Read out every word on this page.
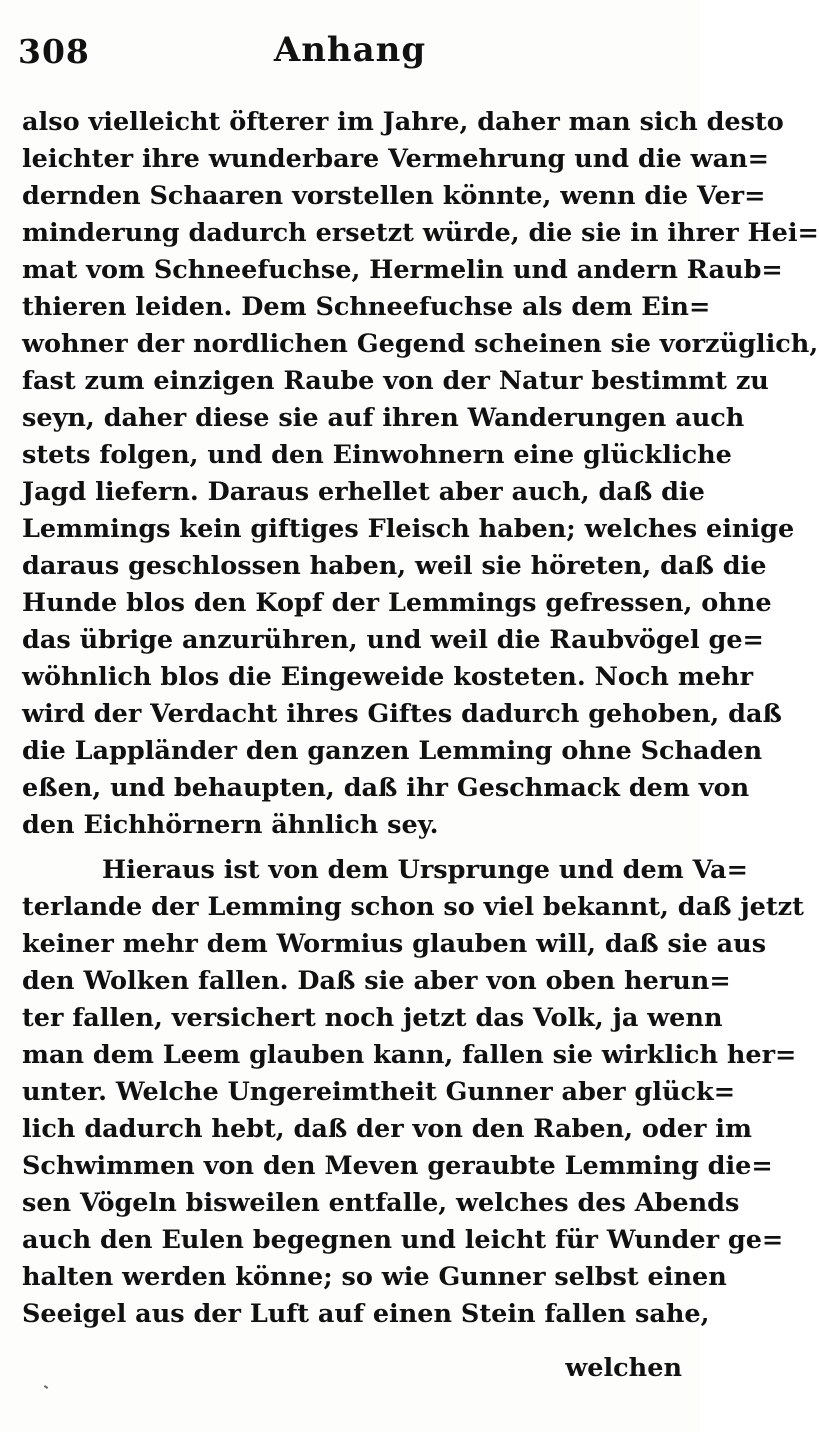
308	Anhang
also vielleicht öfterer im Jahre, daher man sich desto
leichter ihre wunderbare Vermehrung und die wan=
dernden Schaaren vorstellen könnte, wenn die Ver=
minderung dadurch ersetzt würde, die sie in ihrer Hei=
mat vom Schneefuchse, Hermelin und andern Raub=
thieren leiden. Dem Schneefuchse als dem Ein=
wohner der nordlichen Gegend scheinen sie vorzüglich,
fast zum einzigen Raube von der Natur bestimmt zu
seyn, daher diese sie auf ihren Wanderungen auch
stets folgen, und den Einwohnern eine glückliche
Jagd liefern. Daraus erhellet aber auch, daß die
Lemmings kein giftiges Fleisch haben; welches einige
daraus geschlossen haben, weil sie höreten, daß die
Hunde blos den Kopf der Lemmings gefressen, ohne
das übrige anzurühren, und weil die Raubvögel ge=
wöhnlich blos die Eingeweide kosteten. Noch mehr
wird der Verdacht ihres Giftes dadurch gehoben, daß
die Lappländer den ganzen Lemming ohne Schaden
eßen, und behaupten, daß ihr Geschmack dem von
den Eichhörnern ähnlich sey.
Hieraus ist von dem Ursprunge und dem Va=
terlande der Lemming schon so viel bekannt, daß jetzt
keiner mehr dem Wormius glauben will, daß sie aus
den Wolken fallen. Daß sie aber von oben herun=
ter fallen, versichert noch jetzt das Volk, ja wenn
man dem Leem glauben kann, fallen sie wirklich her=
unter. Welche Ungereimtheit Gunner aber glück=
lich dadurch hebt, daß der von den Raben, oder im
Schwimmen von den Meven geraubte Lemming die=
sen Vögeln bisweilen entfalle, welches des Abends
auch den Eulen begegnen und leicht für Wunder ge=
halten werden könne; so wie Gunner selbst einen
Seeigel aus der Luft auf einen Stein fallen sahe,
welchen
